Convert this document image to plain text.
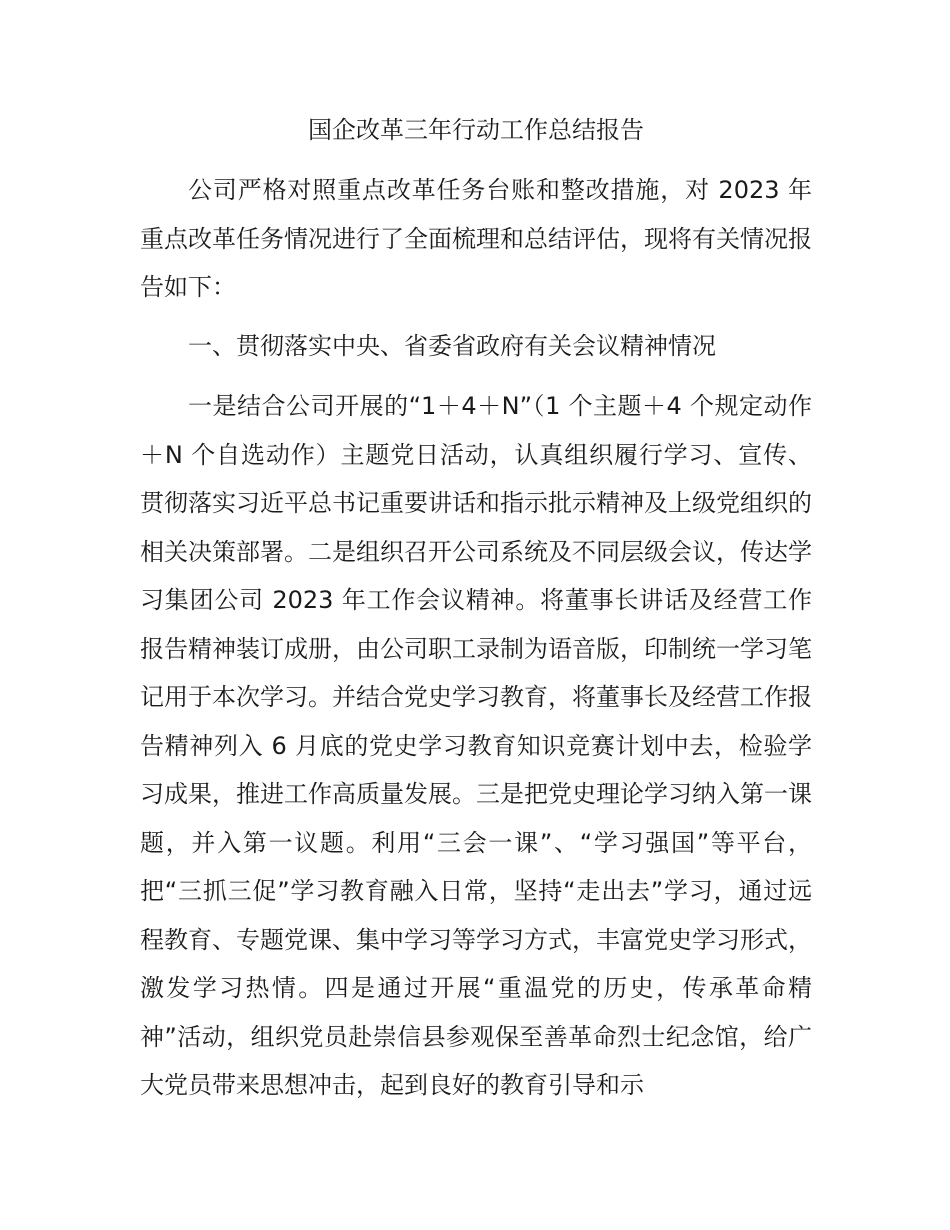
国企改革三年行动工作总结报告

公司严格对照重点改革任务台账和整改措施，对 2023 年重点改革任务情况进行了全面梳理和总结评估，现将有关情况报告如下：

一、贯彻落实中央、省委省政府有关会议精神情况

一是结合公司开展的“1＋4＋N”（1 个主题＋4 个规定动作＋N 个自选动作）主题党日活动，认真组织履行学习、宣传、贯彻落实习近平总书记重要讲话和指示批示精神及上级党组织的相关决策部署。二是组织召开公司系统及不同层级会议，传达学习集团公司 2023 年工作会议精神。将董事长讲话及经营工作报告精神装订成册，由公司职工录制为语音版，印制统一学习笔记用于本次学习。并结合党史学习教育，将董事长及经营工作报告精神列入 6 月底的党史学习教育知识竞赛计划中去，检验学习成果，推进工作高质量发展。三是把党史理论学习纳入第一课题，并入第一议题。利用“三会一课”、“学习强国”等平台，把“三抓三促”学习教育融入日常，坚持“走出去”学习，通过远程教育、专题党课、集中学习等学习方式，丰富党史学习形式，激发学习热情。四是通过开展“重温党的历史，传承革命精神”活动，组织党员赴崇信县参观保至善革命烈士纪念馆，给广大党员带来思想冲击，起到良好的教育引导和示
